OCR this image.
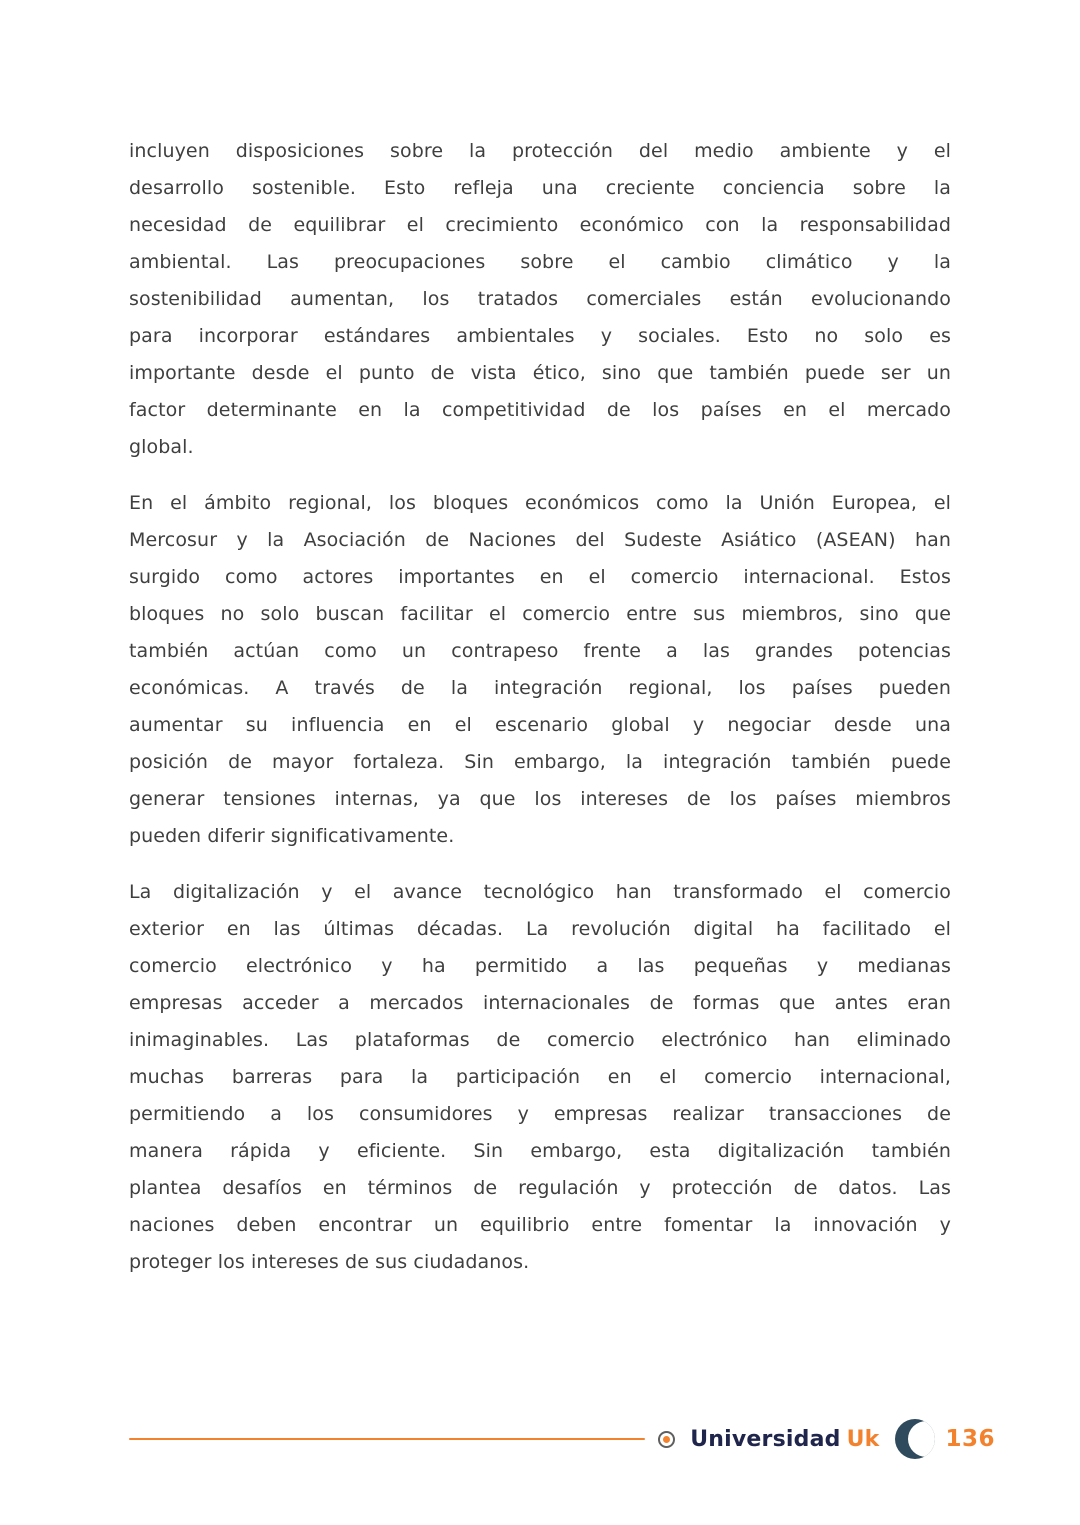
incluyen disposiciones sobre la protección del medio ambiente y el
desarrollo sostenible. Esto refleja una creciente conciencia sobre la
necesidad de equilibrar el crecimiento económico con la responsabilidad
ambiental. Las preocupaciones sobre el cambio climático y la
sostenibilidad aumentan, los tratados comerciales están evolucionando
para incorporar estándares ambientales y sociales. Esto no solo es
importante desde el punto de vista ético, sino que también puede ser un
factor determinante en la competitividad de los países en el mercado
global.

En el ámbito regional, los bloques económicos como la Unión Europea, el
Mercosur y la Asociación de Naciones del Sudeste Asiático (ASEAN) han
surgido como actores importantes en el comercio internacional. Estos
bloques no solo buscan facilitar el comercio entre sus miembros, sino que
también actúan como un contrapeso frente a las grandes potencias
económicas. A través de la integración regional, los países pueden
aumentar su influencia en el escenario global y negociar desde una
posición de mayor fortaleza. Sin embargo, la integración también puede
generar tensiones internas, ya que los intereses de los países miembros
pueden diferir significativamente.

La digitalización y el avance tecnológico han transformado el comercio
exterior en las últimas décadas. La revolución digital ha facilitado el
comercio electrónico y ha permitido a las pequeñas y medianas
empresas acceder a mercados internacionales de formas que antes eran
inimaginables. Las plataformas de comercio electrónico han eliminado
muchas barreras para la participación en el comercio internacional,
permitiendo a los consumidores y empresas realizar transacciones de
manera rápida y eficiente. Sin embargo, esta digitalización también
plantea desafíos en términos de regulación y protección de datos. Las
naciones deben encontrar un equilibrio entre fomentar la innovación y
proteger los intereses de sus ciudadanos.

Universidad Uk	136
